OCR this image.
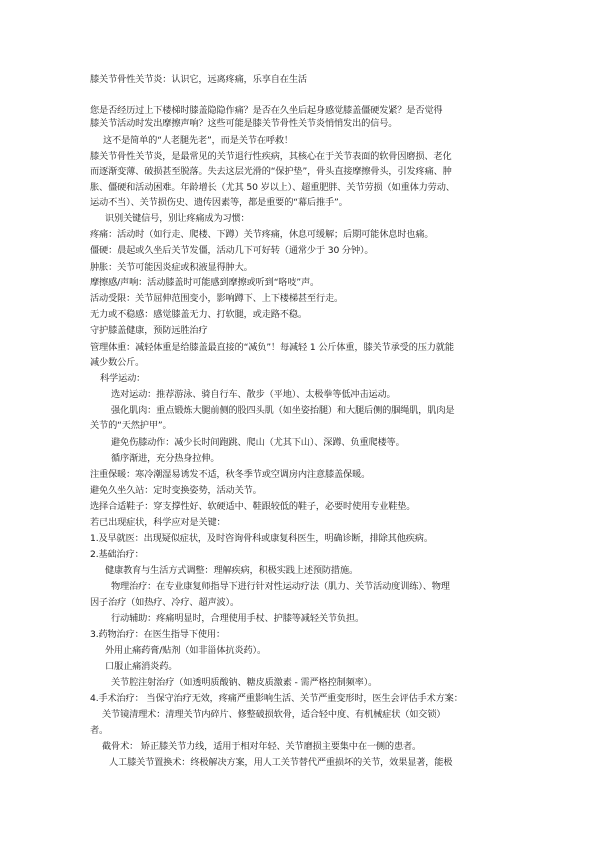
膝关节骨性关节炎：认识它，远离疼痛，乐享自在生活
您是否经历过上下楼梯时膝盖隐隐作痛？是否在久坐后起身感觉膝盖僵硬发紧？是否觉得
膝关节活动时发出摩擦声响？这些可能是膝关节骨性关节炎悄悄发出的信号。
这不是简单的“人老腿先老”，而是关节在呼救！
膝关节骨性关节炎，是最常见的关节退行性疾病，其核心在于关节表面的软骨因磨损、老化
而逐渐变薄、破损甚至脱落。失去这层光滑的“保护垫”，骨头直接摩擦骨头，引发疼痛、肿
胀、僵硬和活动困难。年龄增长（尤其 50 岁以上）、超重肥胖、关节劳损（如重体力劳动、
运动不当）、关节损伤史、遗传因素等，都是重要的“幕后推手”。
识别关键信号，别让疼痛成为习惯：
疼痛：活动时（如行走、爬楼、下蹲）关节疼痛，休息可缓解；后期可能休息时也痛。
僵硬：晨起或久坐后关节发僵，活动几下可好转（通常少于 30 分钟）。
肿胀：关节可能因炎症或积液显得肿大。
摩擦感/声响：活动膝盖时可能感到摩擦或听到“咯吱”声。
活动受限：关节屈伸范围变小，影响蹲下、上下楼梯甚至行走。
无力或不稳感：感觉膝盖无力、打软腿，或走路不稳。
守护膝盖健康，预防远胜治疗
管理体重：减轻体重是给膝盖最直接的“减负”！每减轻 1 公斤体重，膝关节承受的压力就能
减少数公斤。
科学运动：
选对运动：推荐游泳、骑自行车、散步（平地）、太极拳等低冲击运动。
强化肌肉：重点锻炼大腿前侧的股四头肌（如坐姿抬腿）和大腿后侧的腘绳肌，肌肉是
关节的“天然护甲”。
避免伤膝动作：减少长时间跑跳、爬山（尤其下山）、深蹲、负重爬楼等。
循序渐进，充分热身拉伸。
注重保暖：寒冷潮湿易诱发不适，秋冬季节或空调房内注意膝盖保暖。
避免久坐久站：定时变换姿势，活动关节。
选择合适鞋子：穿支撑性好、软硬适中、鞋跟较低的鞋子，必要时使用专业鞋垫。
若已出现症状，科学应对是关键：
1.及早就医：出现疑似症状，及时咨询骨科或康复科医生，明确诊断，排除其他疾病。
2.基础治疗：
健康教育与生活方式调整：理解疾病，积极实践上述预防措施。
物理治疗：在专业康复师指导下进行针对性运动疗法（肌力、关节活动度训练）、物理
因子治疗（如热疗、冷疗、超声波）。
行动辅助：疼痛明显时，合理使用手杖、护膝等减轻关节负担。
3.药物治疗：在医生指导下使用：
外用止痛药膏/贴剂（如非甾体抗炎药）。
口服止痛消炎药。
关节腔注射治疗（如透明质酸钠、糖皮质激素 - 需严格控制频率）。
4.手术治疗： 当保守治疗无效，疼痛严重影响生活、关节严重变形时，医生会评估手术方案：
关节镜清理术：清理关节内碎片、修整破损软骨，适合轻中度、有机械症状（如交锁）
者。
截骨术： 矫正膝关节力线，适用于相对年轻、关节磨损主要集中在一侧的患者。
人工膝关节置换术：终极解决方案，用人工关节替代严重损坏的关节，效果显著，能极
